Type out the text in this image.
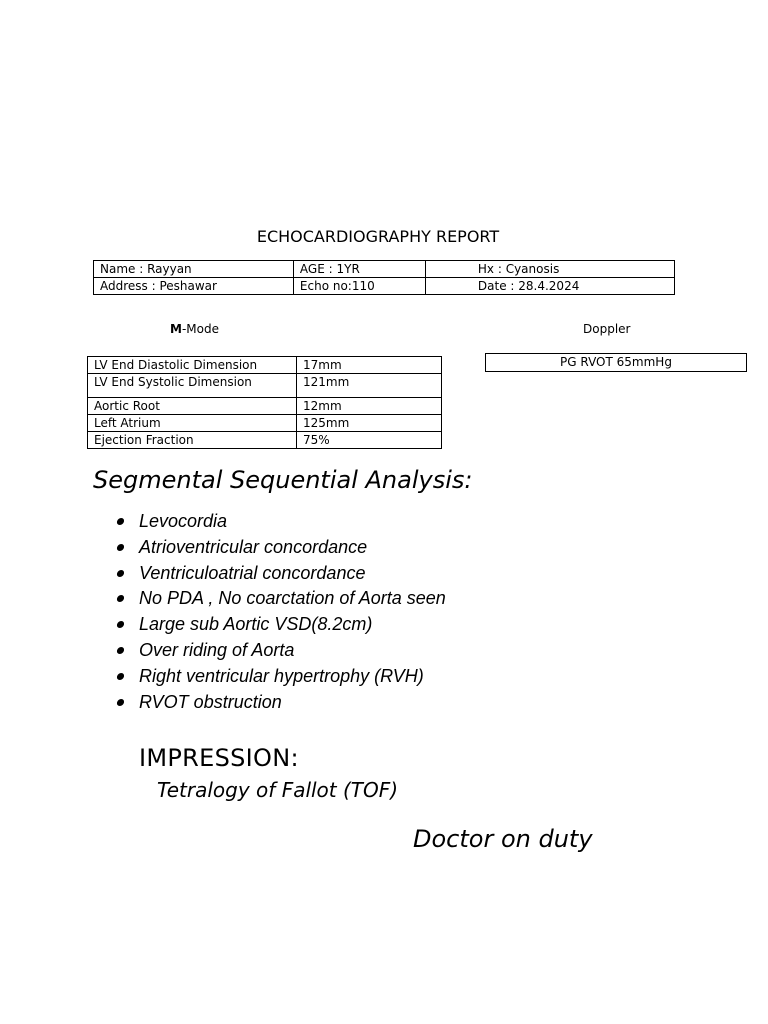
ECHOCARDIOGRAPHY REPORT
Name : Rayyan	AGE : 1YR	Hx : Cyanosis
Address : Peshawar	Echo no:110	Date : 28.4.2024
M-Mode	Doppler
LV End Diastolic Dimension	17mm
LV End Systolic Dimension	121mm
Aortic Root	12mm
Left Atrium	125mm
Ejection Fraction	75%
PG RVOT 65mmHg
Segmental Sequential Analysis:
Levocordia
Atrioventricular concordance
Ventriculoatrial concordance
No PDA , No coarctation of Aorta seen
Large sub Aortic VSD(8.2cm)
Over riding of Aorta
Right ventricular hypertrophy (RVH)
RVOT obstruction
IMPRESSION:
Tetralogy of Fallot (TOF)
Doctor on duty
